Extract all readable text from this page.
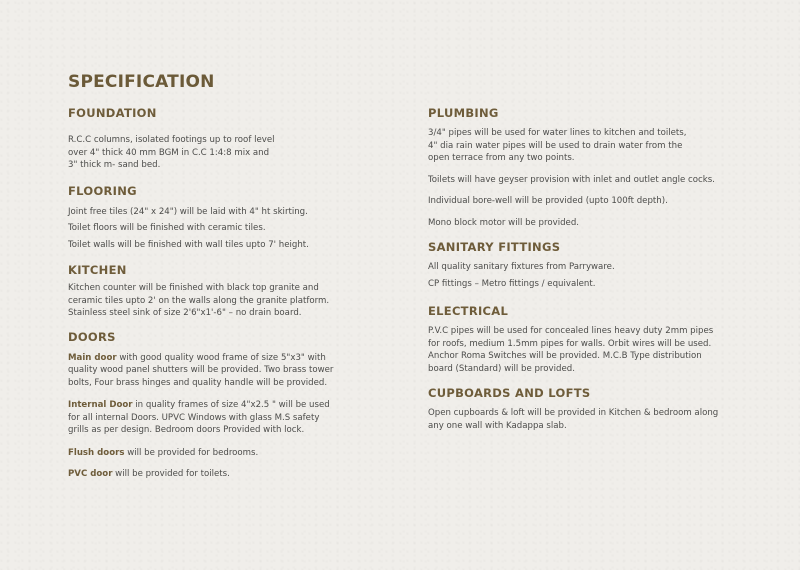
SPECIFICATION
FOUNDATION

R.C.C columns, isolated footings up to roof level

over 4" thick 40 mm BGM in C.C 1:4:8 mix and

3" thick m- sand bed.

FLOORING

Joint free tiles (24" x 24") will be laid with 4" ht skirting.

Toilet floors will be finished with ceramic tiles.

Toilet walls will be finished with wall tiles upto 7' height.

KITCHEN

Kitchen counter will be finished with black top granite and

ceramic tiles upto 2' on the walls along the granite platform.

Stainless steel sink of size 2'6"x1'-6" – no drain board.

DOORS

Main door with good quality wood frame of size 5"x3" with

quality wood panel shutters will be provided. Two brass tower

bolts, Four brass hinges and quality handle will be provided.

Internal Door in quality frames of size 4"x2.5 " will be used

for all internal Doors. UPVC Windows with glass M.S safety

grills as per design. Bedroom doors Provided with lock.

Flush doors will be provided for bedrooms.

PVC door will be provided for toilets.

PLUMBING

3/4" pipes will be used for water lines to kitchen and toilets,

4" dia rain water pipes will be used to drain water from the

open terrace from any two points.

Toilets will have geyser provision with inlet and outlet angle cocks.

Individual bore-well will be provided (upto 100ft depth).

Mono block motor will be provided.

SANITARY FITTINGS

All quality sanitary fixtures from Parryware.

CP fittings – Metro fittings / equivalent.

ELECTRICAL

P.V.C pipes will be used for concealed lines heavy duty 2mm pipes

for roofs, medium 1.5mm pipes for walls. Orbit wires will be used.

Anchor Roma Switches will be provided. M.C.B Type distribution

board (Standard) will be provided.

CUPBOARDS AND LOFTS

Open cupboards & loft will be provided in Kitchen & bedroom along

any one wall with Kadappa slab.
